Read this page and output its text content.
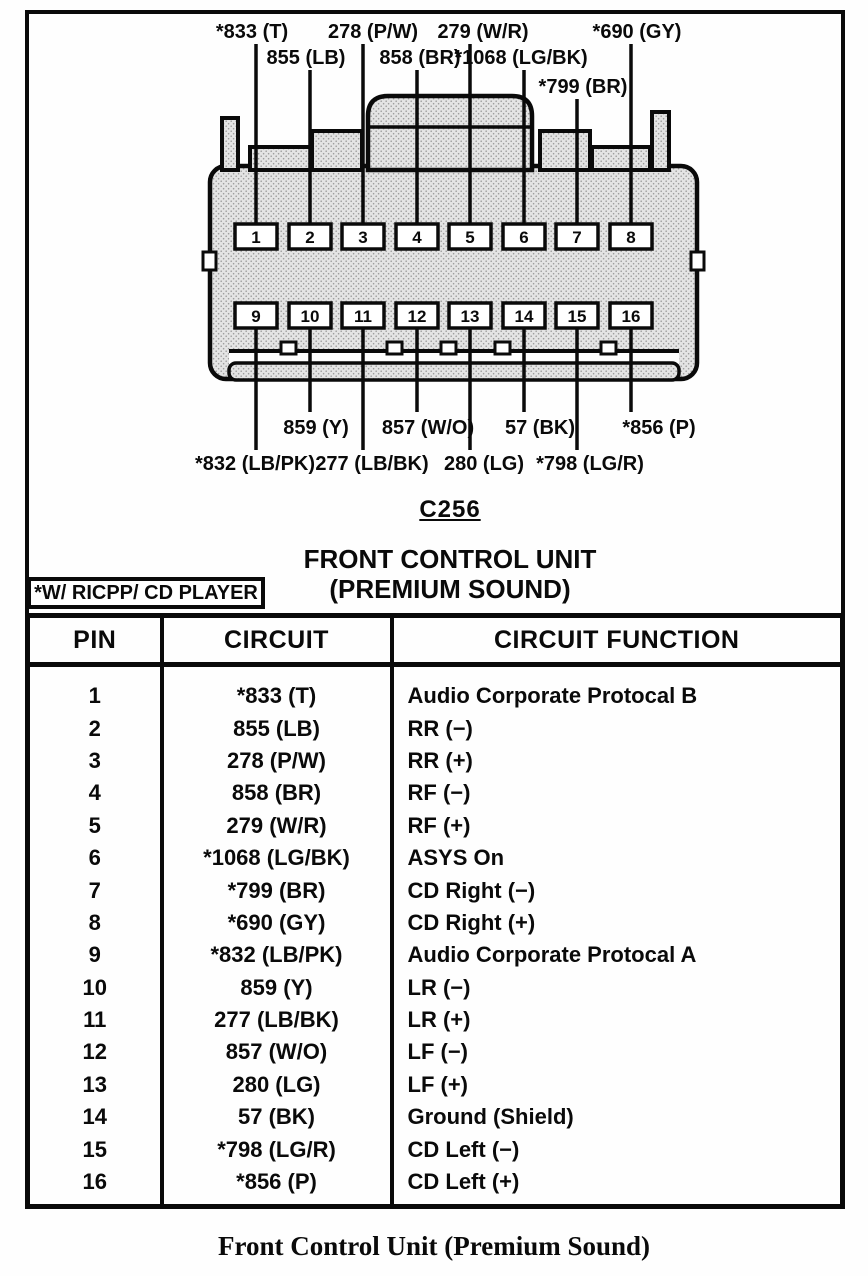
1	2	3	4	5	6	7	8
9 10 11 12 13 14 15 16
*833 (T)
855 (LB)
278 (P/W)
858 (BR)
279 (W/R)
*1068 (LG/BK)
*799 (BR)
*690 (GY)
859 (Y) 857 (W/O) 57 (BK) *856 (P)
*832 (LB/PK) 277 (LB/BK) 280 (LG) *798 (LG/R)
C256
FRONT CONTROL UNIT
(PREMIUM SOUND)
*W/ RICPP/ CD PLAYER
PIN	CIRCUIT	CIRCUIT FUNCTION
1	*833 (T)	Audio Corporate Protocal B
2	855 (LB)	RR (−)
3	278 (P/W)	RR (+)
4	858 (BR)	RF (−)
5	279 (W/R)	RF (+)
6	*1068 (LG/BK)	ASYS On
7	*799 (BR)	CD Right (−)
8	*690 (GY)	CD Right (+)
9	*832 (LB/PK)	Audio Corporate Protocal A
10	859 (Y)	LR (−)
11	277 (LB/BK)	LR (+)
12	857 (W/O)	LF (−)
13	280 (LG)	LF (+)
14	57 (BK)	Ground (Shield)
15	*798 (LG/R)	CD Left (−)
16	*856 (P)	CD Left (+)
Front Control Unit (Premium Sound)
